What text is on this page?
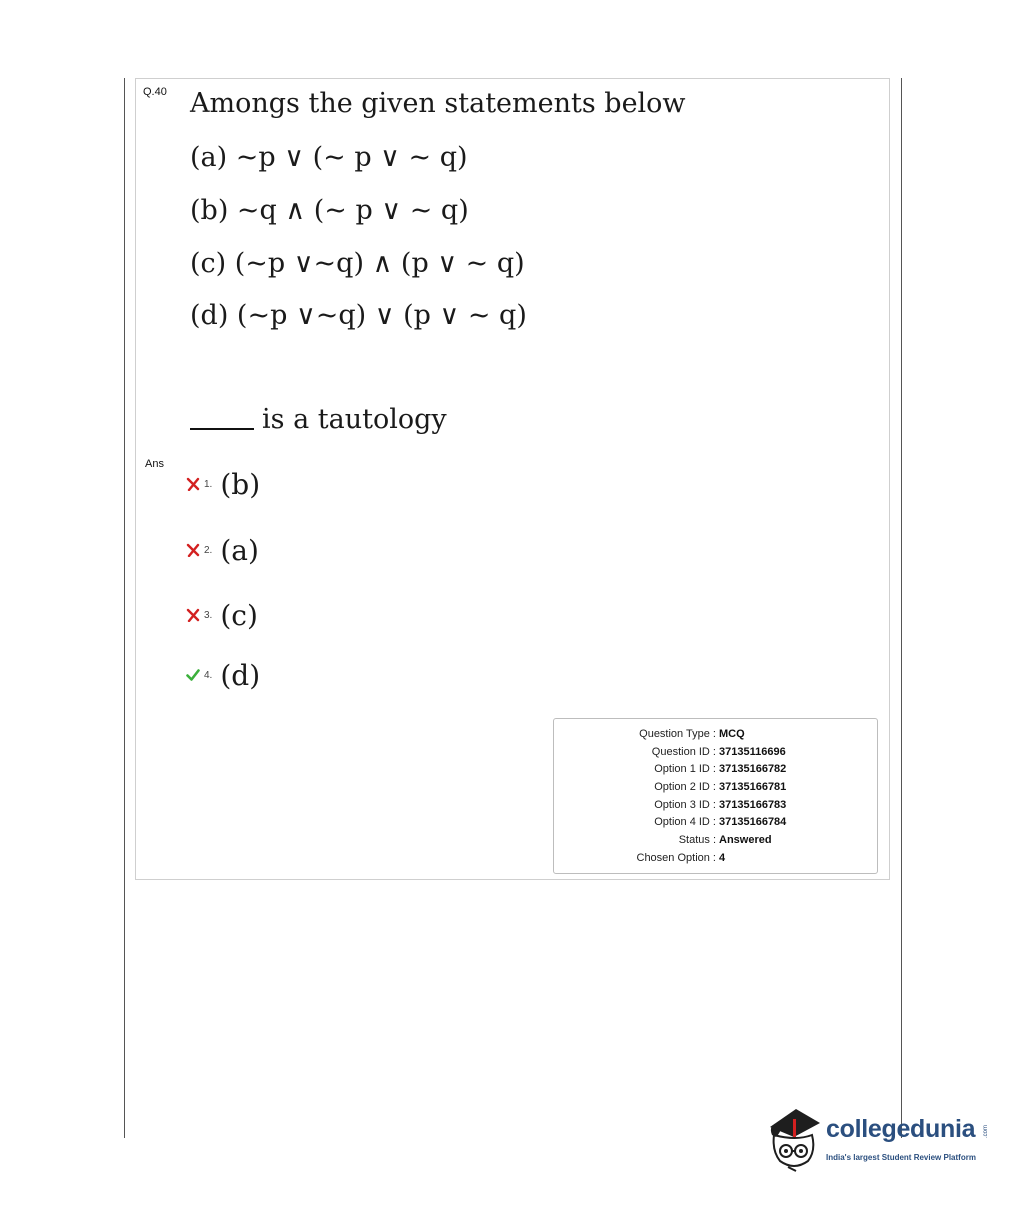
Q.40 Amongs the given statements below
(a) ~p ∨ (~ p ∨ ~ q)
(b) ~q ∧ (~ p ∨ ~ q)
(c) (~p ∨~q) ∧ (p ∨ ~ q)
(d) (~p ∨~q) ∨ (p ∨ ~ q)
is a tautology
Ans
1. (b)
2. (a)
3. (c)
4. (d)
Question Type : MCQ
Question ID : 37135116696
Option 1 ID : 37135166782
Option 2 ID : 37135166781
Option 3 ID : 37135166783
Option 4 ID : 37135166784
Status : Answered
Chosen Option : 4
collegedunia .com
India's largest Student Review Platform
